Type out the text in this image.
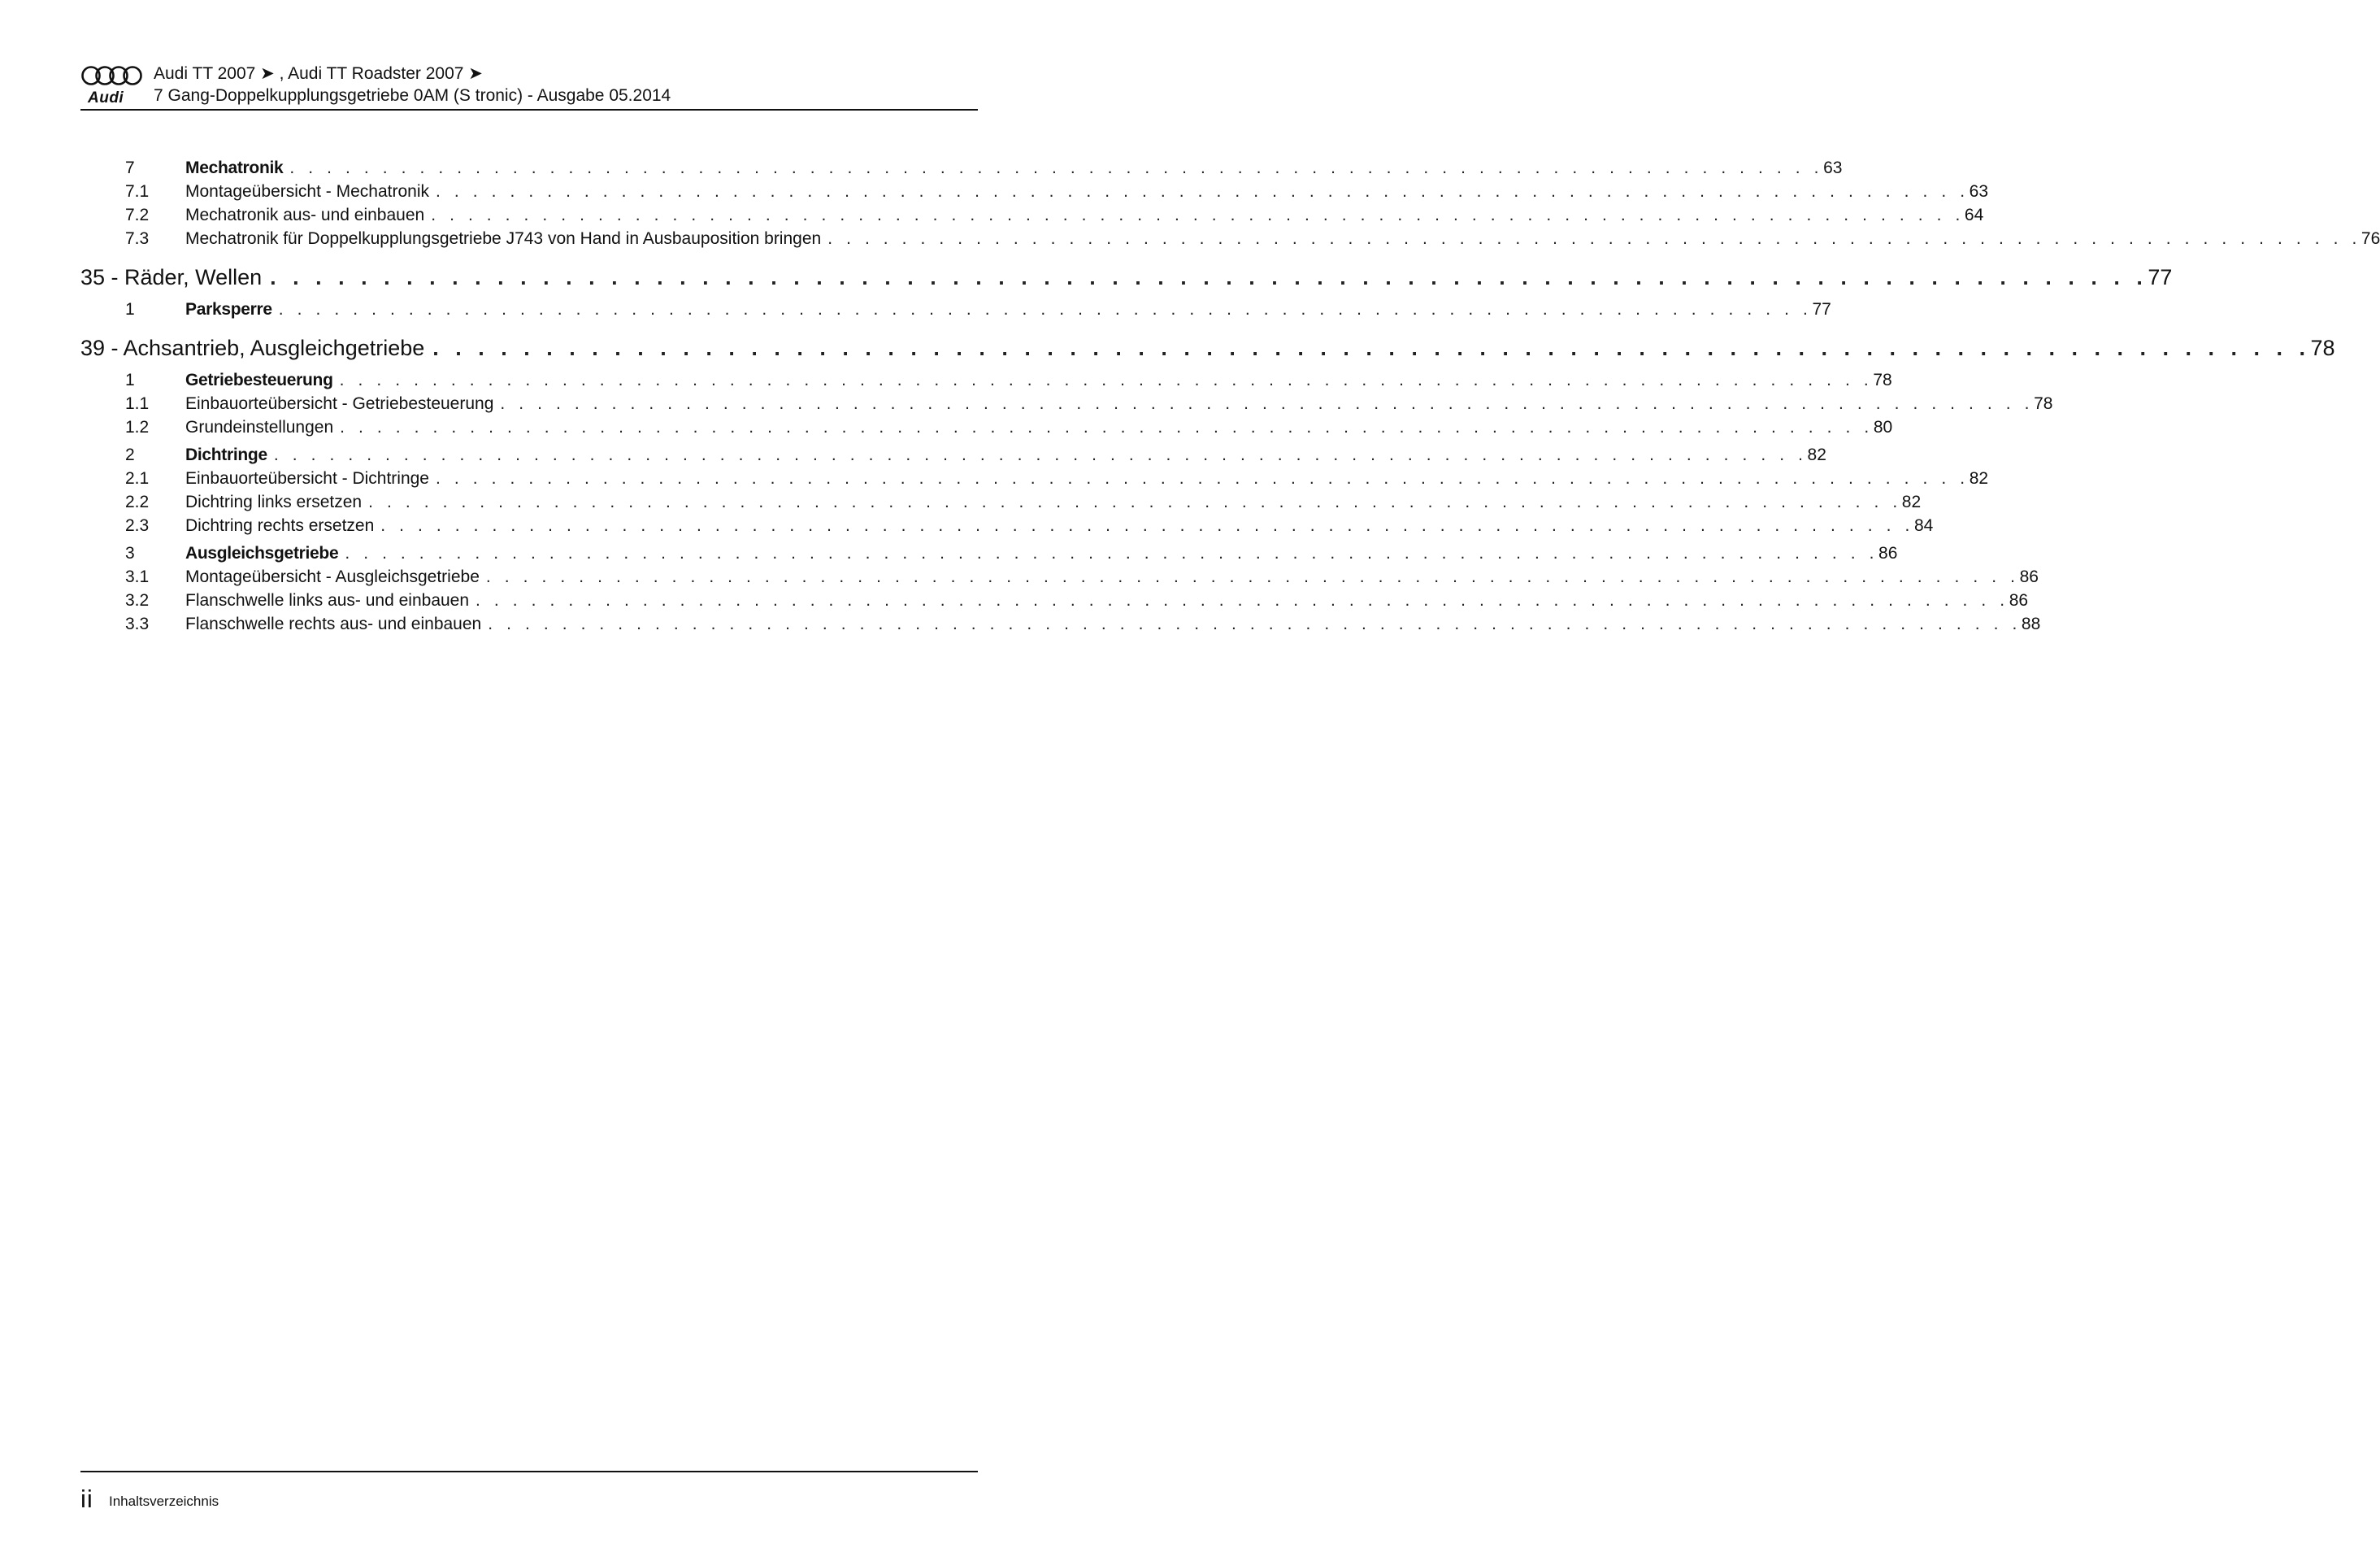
Audi
Audi TT 2007 ➤ , Audi TT Roadster 2007 ➤
7 Gang-Doppelkupplungsgetriebe 0AM (S tronic) - Ausgabe 05.2014
7	Mechatronik . . . . . . . . . . . . . . . . . . . . . . . . . . . . . . . . . . . . . . . . . . . . . . . . . . . . . . . . . . . . . . . . . . . . . . . . . . . . . . . . . . . 63
7.1 Montageübersicht - Mechatronik . . . . . . . . . . . . . . . . . . . . . . . . . . . . . . . . . . . . . . . . . . . . . . . . . . . . . . . . . . . . . . . . . . . . . . . . . . . . . . . . . . . 63
7.2 Mechatronik aus- und einbauen . . . . . . . . . . . . . . . . . . . . . . . . . . . . . . . . . . . . . . . . . . . . . . . . . . . . . . . . . . . . . . . . . . . . . . . . . . . . . . . . . . . 64
7.3 Mechatronik für Doppelkupplungsgetriebe J743 von Hand in Ausbauposition bringen . . . . . . . . . . . . . . . . . . . . . . . . . . . . . . . . . . . . . . . . . . . . . . . . . . . . . . . . . . . . . . . . . . . . . . . . . . . . . . . . . . . 76
35 - Räder, Wellen . . . . . . . . . . . . . . . . . . . . . . . . . . . . . . . . . . . . . . . . . . . . . . . . . . . . . . . . . . . . . . . . . . . . . . . . . . . . . . . . . . . 77
1	Parksperre . . . . . . . . . . . . . . . . . . . . . . . . . . . . . . . . . . . . . . . . . . . . . . . . . . . . . . . . . . . . . . . . . . . . . . . . . . . . . . . . . . . 77
39 - Achsantrieb, Ausgleichgetriebe . . . . . . . . . . . . . . . . . . . . . . . . . . . . . . . . . . . . . . . . . . . . . . . . . . . . . . . . . . . . . . . . . . . . . . . . . . . . . . . . . . . 78
1	Getriebesteuerung . . . . . . . . . . . . . . . . . . . . . . . . . . . . . . . . . . . . . . . . . . . . . . . . . . . . . . . . . . . . . . . . . . . . . . . . . . . . . . . . . . . 78
1.1 Einbauorteübersicht - Getriebesteuerung . . . . . . . . . . . . . . . . . . . . . . . . . . . . . . . . . . . . . . . . . . . . . . . . . . . . . . . . . . . . . . . . . . . . . . . . . . . . . . . . . . . 78
1.2 Grundeinstellungen . . . . . . . . . . . . . . . . . . . . . . . . . . . . . . . . . . . . . . . . . . . . . . . . . . . . . . . . . . . . . . . . . . . . . . . . . . . . . . . . . . . 80
2	Dichtringe . . . . . . . . . . . . . . . . . . . . . . . . . . . . . . . . . . . . . . . . . . . . . . . . . . . . . . . . . . . . . . . . . . . . . . . . . . . . . . . . . . . 82
2.1 Einbauorteübersicht - Dichtringe . . . . . . . . . . . . . . . . . . . . . . . . . . . . . . . . . . . . . . . . . . . . . . . . . . . . . . . . . . . . . . . . . . . . . . . . . . . . . . . . . . . 82
2.2 Dichtring links ersetzen . . . . . . . . . . . . . . . . . . . . . . . . . . . . . . . . . . . . . . . . . . . . . . . . . . . . . . . . . . . . . . . . . . . . . . . . . . . . . . . . . . . 82
2.3 Dichtring rechts ersetzen . . . . . . . . . . . . . . . . . . . . . . . . . . . . . . . . . . . . . . . . . . . . . . . . . . . . . . . . . . . . . . . . . . . . . . . . . . . . . . . . . . . 84
3	Ausgleichsgetriebe . . . . . . . . . . . . . . . . . . . . . . . . . . . . . . . . . . . . . . . . . . . . . . . . . . . . . . . . . . . . . . . . . . . . . . . . . . . . . . . . . . . 86
3.1 Montageübersicht - Ausgleichsgetriebe . . . . . . . . . . . . . . . . . . . . . . . . . . . . . . . . . . . . . . . . . . . . . . . . . . . . . . . . . . . . . . . . . . . . . . . . . . . . . . . . . . . 86
3.2 Flanschwelle links aus- und einbauen . . . . . . . . . . . . . . . . . . . . . . . . . . . . . . . . . . . . . . . . . . . . . . . . . . . . . . . . . . . . . . . . . . . . . . . . . . . . . . . . . . . 86
3.3 Flanschwelle rechts aus- und einbauen . . . . . . . . . . . . . . . . . . . . . . . . . . . . . . . . . . . . . . . . . . . . . . . . . . . . . . . . . . . . . . . . . . . . . . . . . . . . . . . . . . . 88
ii Inhaltsverzeichnis
